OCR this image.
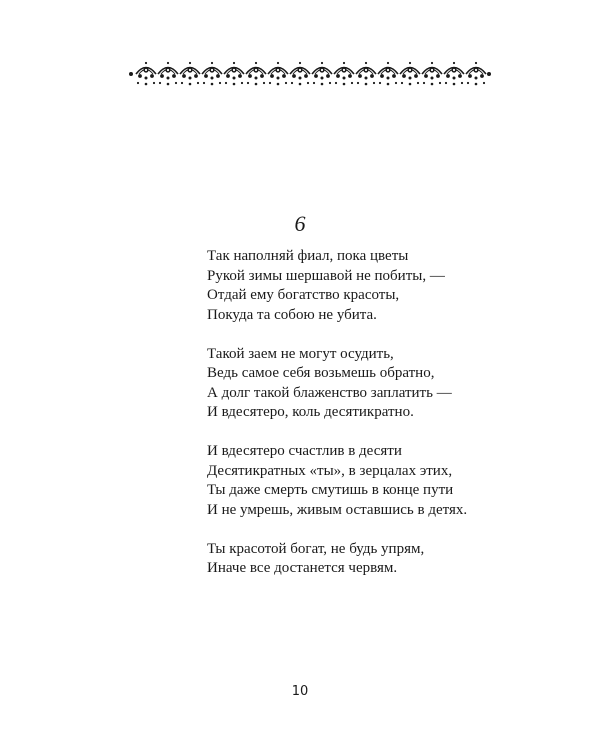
6
Так наполняй фиал, пока цветы
Рукой зимы шершавой не побиты, —
Отдай ему богатство красоты,
Покуда та собою не убита.
Такой заем не могут осудить,
Ведь самое себя возьмешь обратно,
А долг такой блаженство заплатить —
И вдесятеро, коль десятикратно.
И вдесятеро счастлив в десяти
Десятикратных «ты», в зерцалах этих,
Ты даже смерть смутишь в конце пути
И не умрешь, живым оставшись в детях.
Ты красотой богат, не будь упрям,
Иначе все достанется червям.
10
